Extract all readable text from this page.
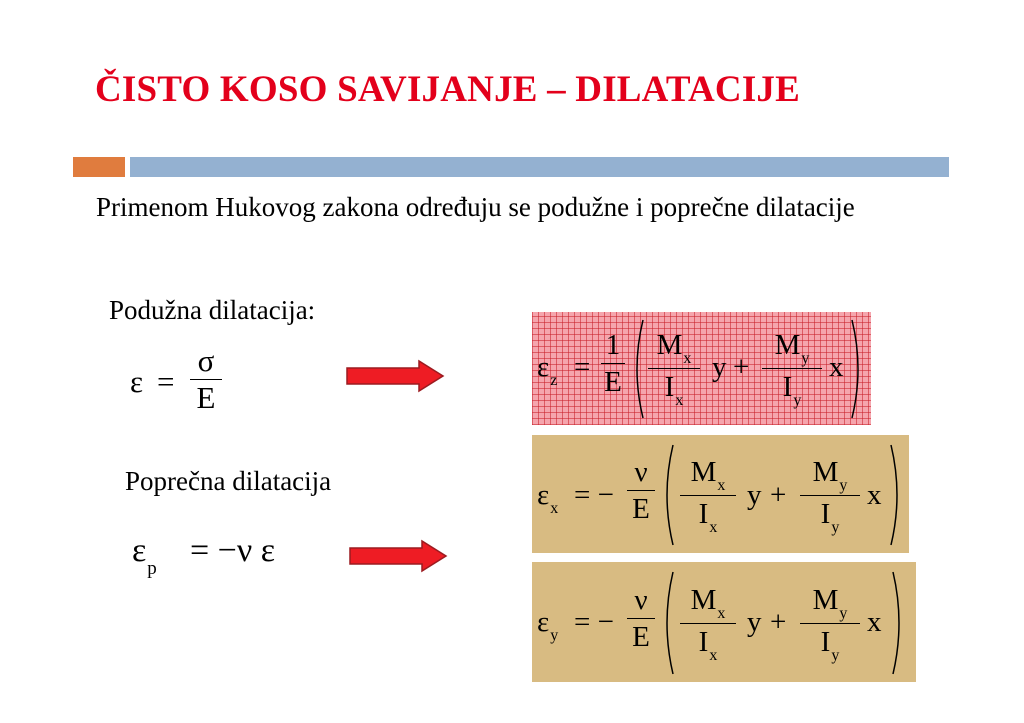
ČISTO KOSO SAVIJANJE – DILATACIJE
Primenom Hukovog zakona određuju se podužne i poprečne dilatacije
Podužna dilatacija:
Poprečna dilatacija
ε =
σ
E
$\varepsilon_p = -\nu$ ε
$\varepsilon_z$ =
1
E
$M_x$
$I_x$
y +
$M_y$
$I_y$
x
$\varepsilon_x$ = −
ν
E
$M_x$
$I_x$
y +
$M_y$
$I_y$
x
$\varepsilon_y$ = −
ν
E
$M_x$
$I_x$
y +
$M_y$
$I_y$
x
